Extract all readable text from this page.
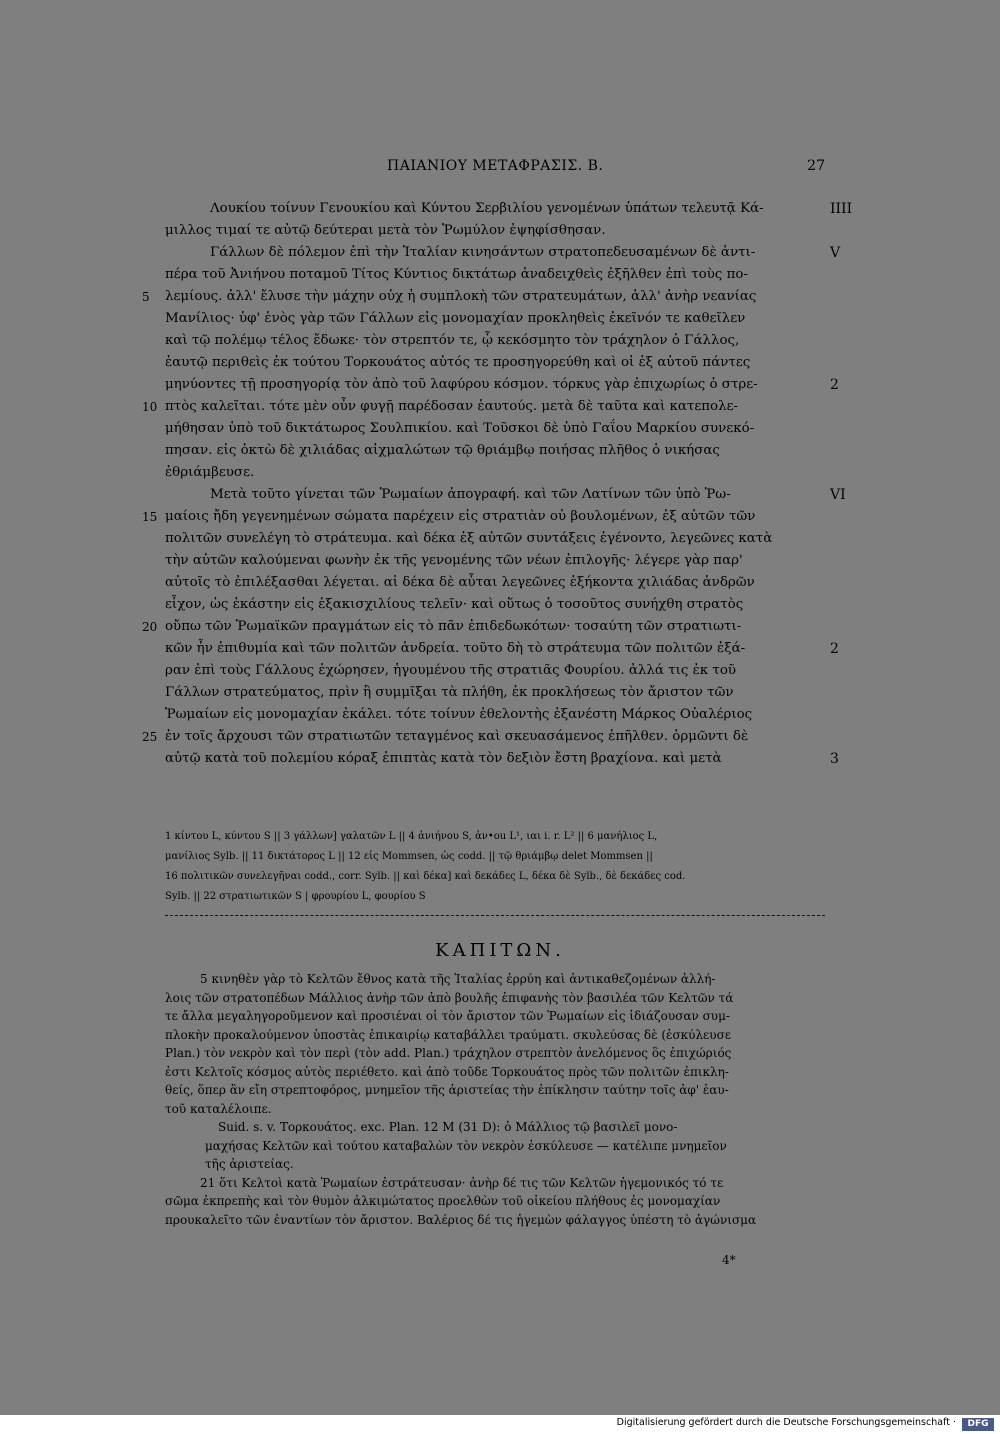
ΠΑΙΑΝΙΟΥ ΜΕΤΑΦΡΑΣΙΣ. Β.	27
Λουκίου τοίνυν Γενουκίου καὶ Κύντου Σερβιλίου γενομένων ὑπάτων τελευτᾷ Κά-
μιλλος τιμαί τε αὐτῷ δεύτεραι μετὰ τὸν Ῥωμύλον ἐψηφίσθησαν.
Γάλλων δὲ πόλεμον ἐπὶ τὴν Ἰταλίαν κινησάντων στρατοπεδευσαμένων δὲ ἀντι-
πέρα τοῦ Ἀνιήνου ποταμοῦ Τίτος Κύντιος δικτάτωρ ἀναδειχθεὶς ἐξῆλθεν ἐπὶ τοὺς πο-
λεμίους. ἀλλ' ἔλυσε τὴν μάχην οὐχ ἡ συμπλοκὴ τῶν στρατευμάτων, ἀλλ' ἀνὴρ νεανίας
Μανίλιος· ὑφ' ἑνὸς γὰρ τῶν Γάλλων εἰς μονομαχίαν προκληθεὶς ἐκεῖνόν τε καθεῖλεν
καὶ τῷ πολέμῳ τέλος ἔδωκε· τὸν στρεπτόν τε, ᾧ κεκόσμητο τὸν τράχηλον ὁ Γάλλος,
ἑαυτῷ περιθεὶς ἐκ τούτου Τορκουάτος αὐτός τε προσηγορεύθη καὶ οἱ ἐξ αὐτοῦ πάντες
μηνύοντες τῇ προσηγορίᾳ τὸν ἀπὸ τοῦ λαφύρου κόσμον. τόρκυς γὰρ ἐπιχωρίως ὁ στρε-
πτὸς καλεῖται. τότε μὲν οὖν φυγῇ παρέδοσαν ἑαυτούς. μετὰ δὲ ταῦτα καὶ κατεπολε-
μήθησαν ὑπὸ τοῦ δικτάτωρος Σουλπικίου. καὶ Τοῦσκοι δὲ ὑπὸ Γαΐου Μαρκίου συνεκό-
πησαν. εἰς ὀκτὼ δὲ χιλιάδας αἰχμαλώτων τῷ θριάμβῳ ποιήσας πλῆθος ὁ νικήσας
ἐθριάμβευσε.
Μετὰ τοῦτο γίνεται τῶν Ῥωμαίων ἀπογραφή. καὶ τῶν Λατίνων τῶν ὑπὸ Ῥω-
μαίοις ἤδη γεγενημένων σώματα παρέχειν εἰς στρατιὰν οὐ βουλομένων, ἐξ αὐτῶν τῶν
πολιτῶν συνελέγη τὸ στράτευμα. καὶ δέκα ἐξ αὐτῶν συντάξεις ἐγένοντο, λεγεῶνες κατὰ
τὴν αὐτῶν καλούμεναι φωνὴν ἐκ τῆς γενομένης τῶν νέων ἐπιλογῆς· λέγερε γὰρ παρ'
αὐτοῖς τὸ ἐπιλέξασθαι λέγεται. αἱ δέκα δὲ αὗται λεγεῶνες ἑξήκοντα χιλιάδας ἀνδρῶν
εἶχον, ὡς ἑκάστην εἰς ἑξακισχιλίους τελεῖν· καὶ οὕτως ὁ τοσοῦτος συνήχθη στρατὸς
οὔπω τῶν Ῥωμαϊκῶν πραγμάτων εἰς τὸ πᾶν ἐπιδεδωκότων· τοσαύτη τῶν στρατιωτι-
κῶν ἦν ἐπιθυμία καὶ τῶν πολιτῶν ἀνδρεία. τοῦτο δὴ τὸ στράτευμα τῶν πολιτῶν ἐξά-
ραν ἐπὶ τοὺς Γάλλους ἐχώρησεν, ἡγουμένου τῆς στρατιᾶς Φουρίου. ἀλλά τις ἐκ τοῦ
Γάλλων στρατεύματος, πρὶν ἢ συμμῖξαι τὰ πλήθη, ἐκ προκλήσεως τὸν ἄριστον τῶν
Ῥωμαίων εἰς μονομαχίαν ἐκάλει. τότε τοίνυν ἐθελοντὴς ἐξανέστη Μάρκος Οὐαλέριος
ἐν τοῖς ἄρχουσι τῶν στρατιωτῶν τεταγμένος καὶ σκευασάμενος ἐπῆλθεν. ὁρμῶντι δὲ
αὐτῷ κατὰ τοῦ πολεμίου κόραξ ἐπιπτὰς κατὰ τὸν δεξιὸν ἔστη βραχίονα. καὶ μετὰ
5
10
15
20
25
IIII
V
2
VI
2
3
1 κίντου L, κύντου S || 3 γάλλων] γαλατῶν L || 4 ἀνιήνου S, ἀν•οu L¹, ιαι i. r. L² || 6 μανήλιος L,
μανίλιος Sylb. || 11 δικτάτορος L || 12 εἰς Mommsen, ὡς codd. || τῷ θριάμβῳ delet Mommsen ||
16 πολιτικῶν συνελεγῆναι codd., corr. Sylb. || καὶ δέκα] καὶ δεκάδες L, δέκα δὲ Sylb., δὲ δεκάδες cod.
Sylb. || 22 στρατιωτικῶν S | φρουρίου L, φουρίου S
ΚΑΠΙΤΩΝ.
5 κινηθὲν γὰρ τὸ Κελτῶν ἔθνος κατὰ τῆς Ἰταλίας ἐρρύη καὶ ἀντικαθεζομένων ἀλλή-
λοις τῶν στρατοπέδων Μάλλιος ἀνὴρ τῶν ἀπὸ βουλῆς ἐπιφανὴς τὸν βασιλέα τῶν Κελτῶν τά
τε ἄλλα μεγαληγοροῦμενον καὶ προσιέναι οἱ τὸν ἄριστον τῶν Ῥωμαίων εἰς ἰδιάζουσαν συμ-
πλοκὴν προκαλούμενον ὑποστὰς ἐπικαιρίῳ καταβάλλει τραύματι. σκυλεύσας δὲ (ἐσκύλευσε
Plan.) τὸν νεκρὸν καὶ τὸν περὶ (τὸν add. Plan.) τράχηλον στρεπτὸν ἀνελόμενος ὃς ἐπιχώριός
ἐστι Κελτοῖς κόσμος αὐτὸς περιέθετο. καὶ ἀπὸ τοῦδε Τορκουάτος πρὸς τῶν πολιτῶν ἐπικλη-
θείς, ὅπερ ἂν εἴη στρεπτοφόρος, μνημεῖον τῆς ἀριστείας τὴν ἐπίκλησιν ταύτην τοῖς ἀφ' ἑαυ-
τοῦ καταλέλοιπε.
Suid. s. v. Τορκουάτος. exc. Plan. 12 M (31 D): ὁ Μάλλιος τῷ βασιλεῖ μονο-
μαχήσας Κελτῶν καὶ τούτου καταβαλὼν τὸν νεκρὸν ἐσκύλευσε — κατέλιπε μνημεῖον
τῆς ἀριστείας.
21 ὅτι Κελτοὶ κατὰ Ῥωμαίων ἐστράτευσαν· ἀνὴρ δέ τις τῶν Κελτῶν ἡγεμονικός τό τε
σῶμα ἐκπρεπὴς καὶ τὸν θυμὸν ἀλκιμώτατος προελθὼν τοῦ οἰκείου πλήθους ἐς μονομαχίαν
προυκαλεῖτο τῶν ἐναντίων τὸν ἄριστον. Βαλέριος δέ τις ἡγεμὼν φάλαγγος ὑπέστη τὸ ἀγώνισμα
4*
Digitalisierung gefördert durch die Deutsche Forschungsgemeinschaft ·	DFG
